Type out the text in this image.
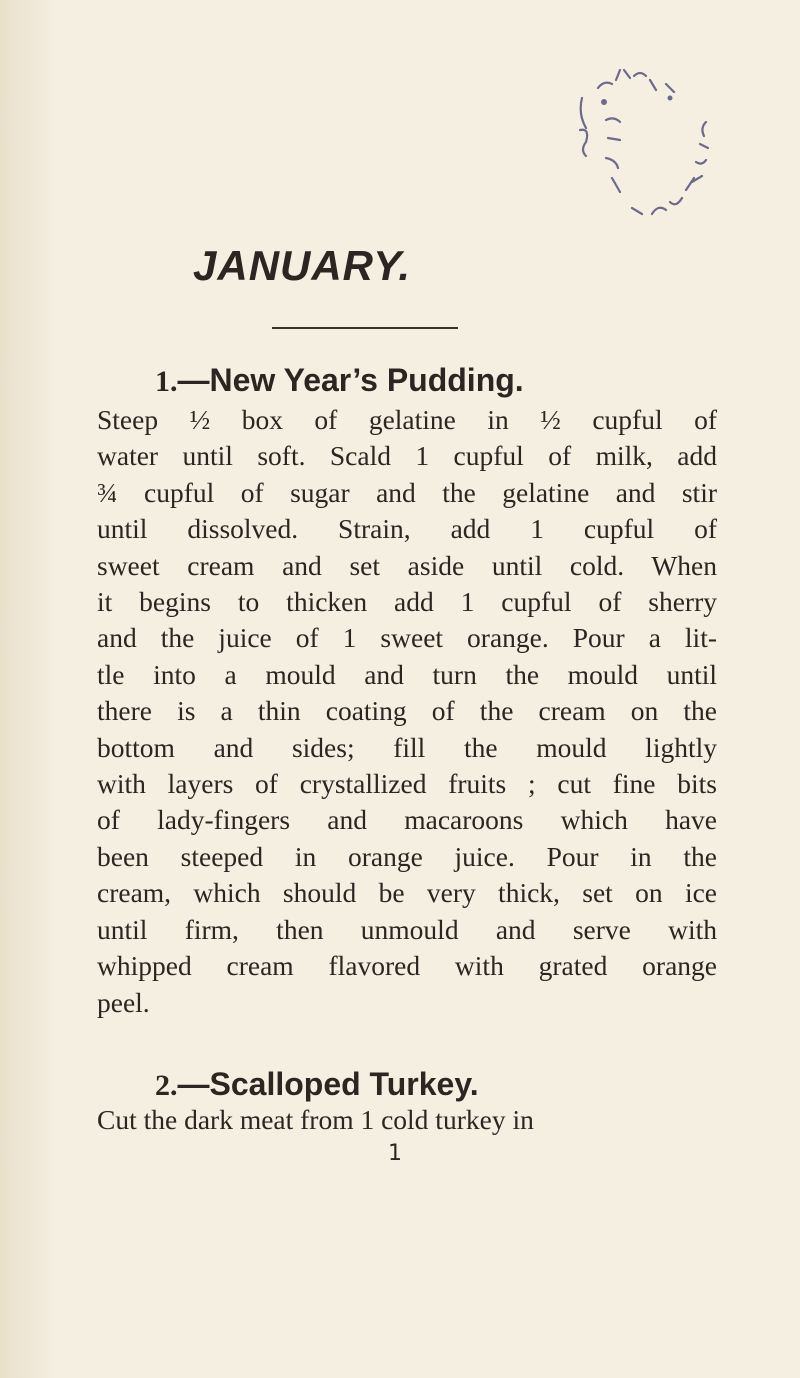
JANUARY.
1.—New Year’s Pudding.
Steep ½ box of gelatine in ½ cupful of
water until soft. Scald 1 cupful of milk, add
¾ cupful of sugar and the gelatine and stir
until dissolved. Strain, add 1 cupful of
sweet cream and set aside until cold. When
it begins to thicken add 1 cupful of sherry
and the juice of 1 sweet orange. Pour a lit-
tle into a mould and turn the mould until
there is a thin coating of the cream on the
bottom and sides; fill the mould lightly
with layers of crystallized fruits ; cut fine bits
of lady-fingers and macaroons which have
been steeped in orange juice. Pour in the
cream, which should be very thick, set on ice
until firm, then unmould and serve with
whipped cream flavored with grated orange
peel.
2.—Scalloped Turkey.
Cut the dark meat from 1 cold turkey in

1
